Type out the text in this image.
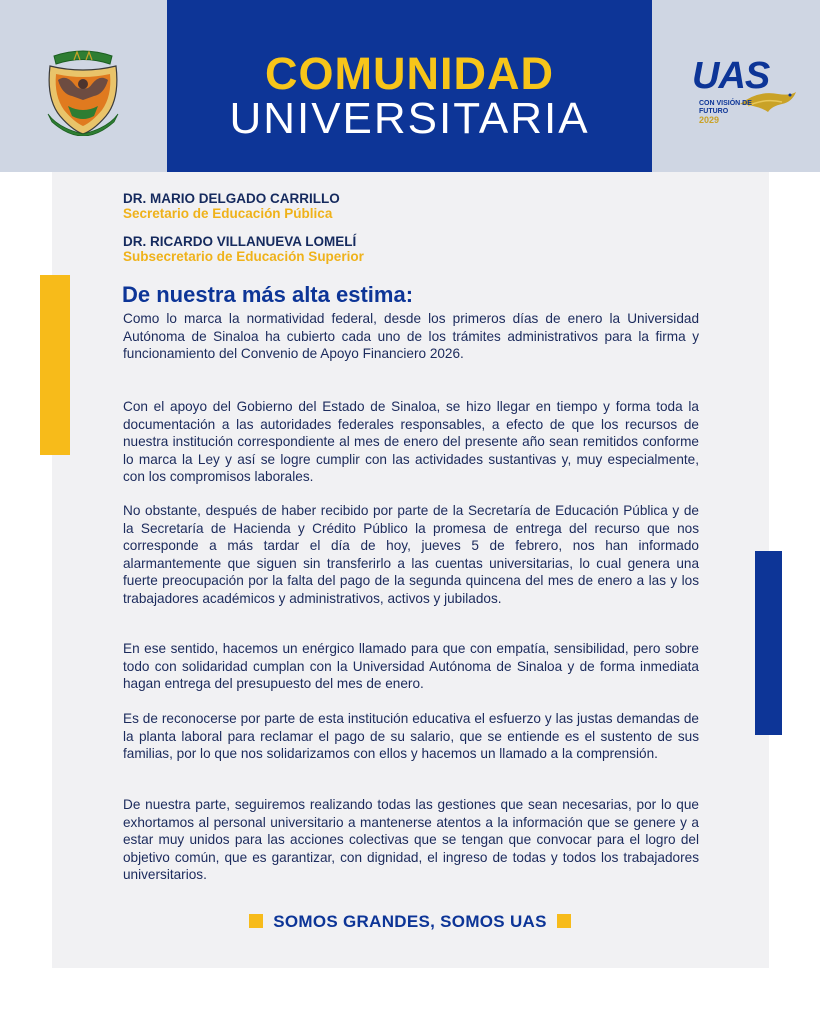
COMUNIDAD
UNIVERSITARIA
UAS
CON VISIÓN DE
FUTURO
2029
DR. MARIO DELGADO CARRILLO
Secretario de Educación Pública
DR. RICARDO VILLANUEVA LOMELÍ
Subsecretario de Educación Superior
De nuestra más alta estima:

Como lo marca la normatividad federal, desde los primeros días de enero la Universidad Autónoma de Sinaloa ha cubierto cada uno de los trámites administrativos para la firma y funcionamiento del Convenio de Apoyo Financiero 2026.

Con el apoyo del Gobierno del Estado de Sinaloa, se hizo llegar en tiempo y forma toda la documentación a las autoridades federales responsables, a efecto de que los recursos de nuestra institución correspondiente al mes de enero del presente año sean remitidos conforme lo marca la Ley y así se logre cumplir con las actividades sustantivas y, muy especialmente, con los compromisos laborales.

No obstante, después de haber recibido por parte de la Secretaría de Educación Pública y de la Secretaría de Hacienda y Crédito Público la promesa de entrega del recurso que nos corresponde a más tardar el día de hoy, jueves 5 de febrero, nos han informado alarmantemente que siguen sin transferirlo a las cuentas universitarias, lo cual genera una fuerte preocupación por la falta del pago de la segunda quincena del mes de enero a las y los trabajadores académicos y administrativos, activos y jubilados.

En ese sentido, hacemos un enérgico llamado para que con empatía, sensibilidad, pero sobre todo con solidaridad cumplan con la Universidad Autónoma de Sinaloa y de forma inmediata hagan entrega del presupuesto del mes de enero.

Es de reconocerse por parte de esta institución educativa el esfuerzo y las justas demandas de la planta laboral para reclamar el pago de su salario, que se entiende es el sustento de sus familias, por lo que nos solidarizamos con ellos y hacemos un llamado a la comprensión.

De nuestra parte, seguiremos realizando todas las gestiones que sean necesarias, por lo que exhortamos al personal universitario a mantenerse atentos a la información que se genere y a estar muy unidos para las acciones colectivas que se tengan que convocar para el logro del objetivo común, que es garantizar, con dignidad, el ingreso de todas y todos los trabajadores universitarios.

SOMOS GRANDES, SOMOS UAS
